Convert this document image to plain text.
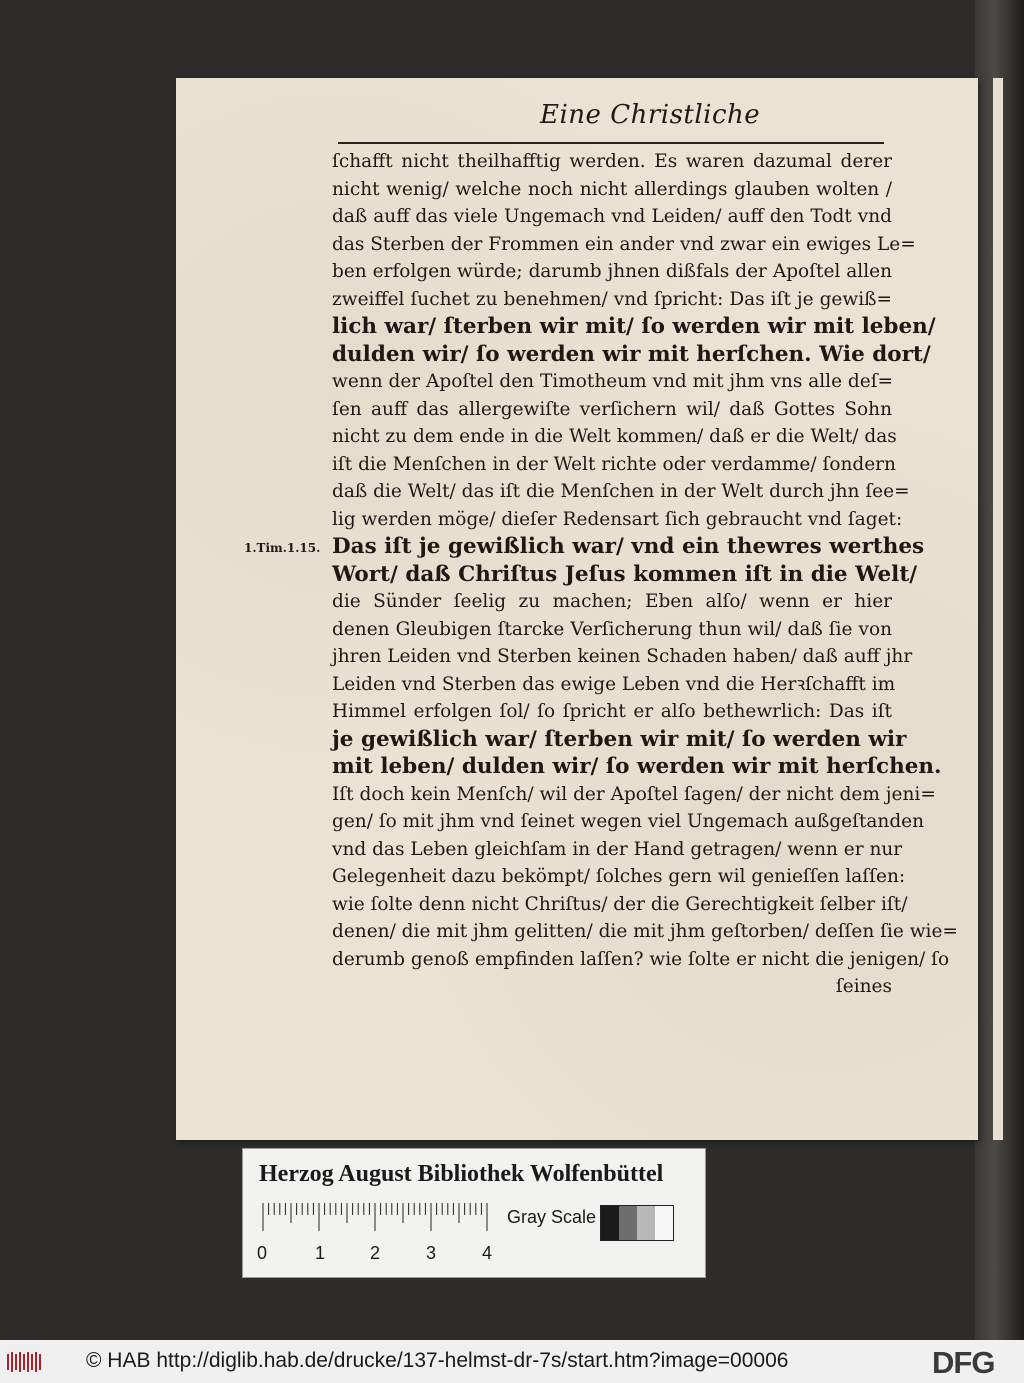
Eine Christliche
1.Tim.1.15.
ſchafft nicht theilhafftig werden. Es waren dazumal derer
nicht wenig/ welche noch nicht allerdings glauben wolten /
daß auff das viele Ungemach vnd Leiden/ auff den Todt vnd
das Sterben der Frommen ein ander vnd zwar ein ewiges Le=
ben erfolgen würde; darumb jhnen dißfals der Apoſtel allen
zweiffel ſuchet zu benehmen/ vnd ſpricht: Das iſt je gewiß=
lich war/ ſterben wir mit/ ſo werden wir mit leben/
dulden wir/ ſo werden wir mit herſchen. Wie dort/
wenn der Apoſtel den Timotheum vnd mit jhm vns alle deſ=
ſen auff das allergewiſte verſichern wil/ daß Gottes Sohn
nicht zu dem ende in die Welt kommen/ daß er die Welt/ das
iſt die Menſchen in der Welt richte oder verdamme/ ſondern
daß die Welt/ das iſt die Menſchen in der Welt durch jhn ſee=
lig werden möge/ dieſer Redensart ſich gebraucht vnd ſaget:
Das iſt je gewißlich war/ vnd ein thewres werthes
Wort/ daß Chriſtus Jeſus kommen iſt in die Welt/
die Sünder ſeelig zu machen; Eben alſo/ wenn er hier
denen Gleubigen ſtarcke Verſicherung thun wil/ daß ſie von
jhren Leiden vnd Sterben keinen Schaden haben/ daß auff jhr
Leiden vnd Sterben das ewige Leben vnd die Herꝛſchafft im
Himmel erfolgen ſol/ ſo ſpricht er alſo bethewrlich: Das iſt
je gewißlich war/ ſterben wir mit/ ſo werden wir
mit leben/ dulden wir/ ſo werden wir mit herſchen.
Iſt doch kein Menſch/ wil der Apoſtel ſagen/ der nicht dem jeni=
gen/ ſo mit jhm vnd ſeinet wegen viel Ungemach außgeſtanden
vnd das Leben gleichſam in der Hand getragen/ wenn er nur
Gelegenheit dazu bekömpt/ ſolches gern wil genieſſen laſſen:
wie ſolte denn nicht Chriſtus/ der die Gerechtigkeit ſelber iſt/
denen/ die mit jhm gelitten/ die mit jhm geſtorben/ deſſen ſie wie=
derumb genoß empfinden laſſen? wie ſolte er nicht die jenigen/ ſo
ſeines
Herzog August Bibliothek Wolfenbüttel
Gray Scale
0	1 2	3	4
© HAB http://diglib.hab.de/drucke/137-helmst-dr-7s/start.htm?image=00006	DFG
